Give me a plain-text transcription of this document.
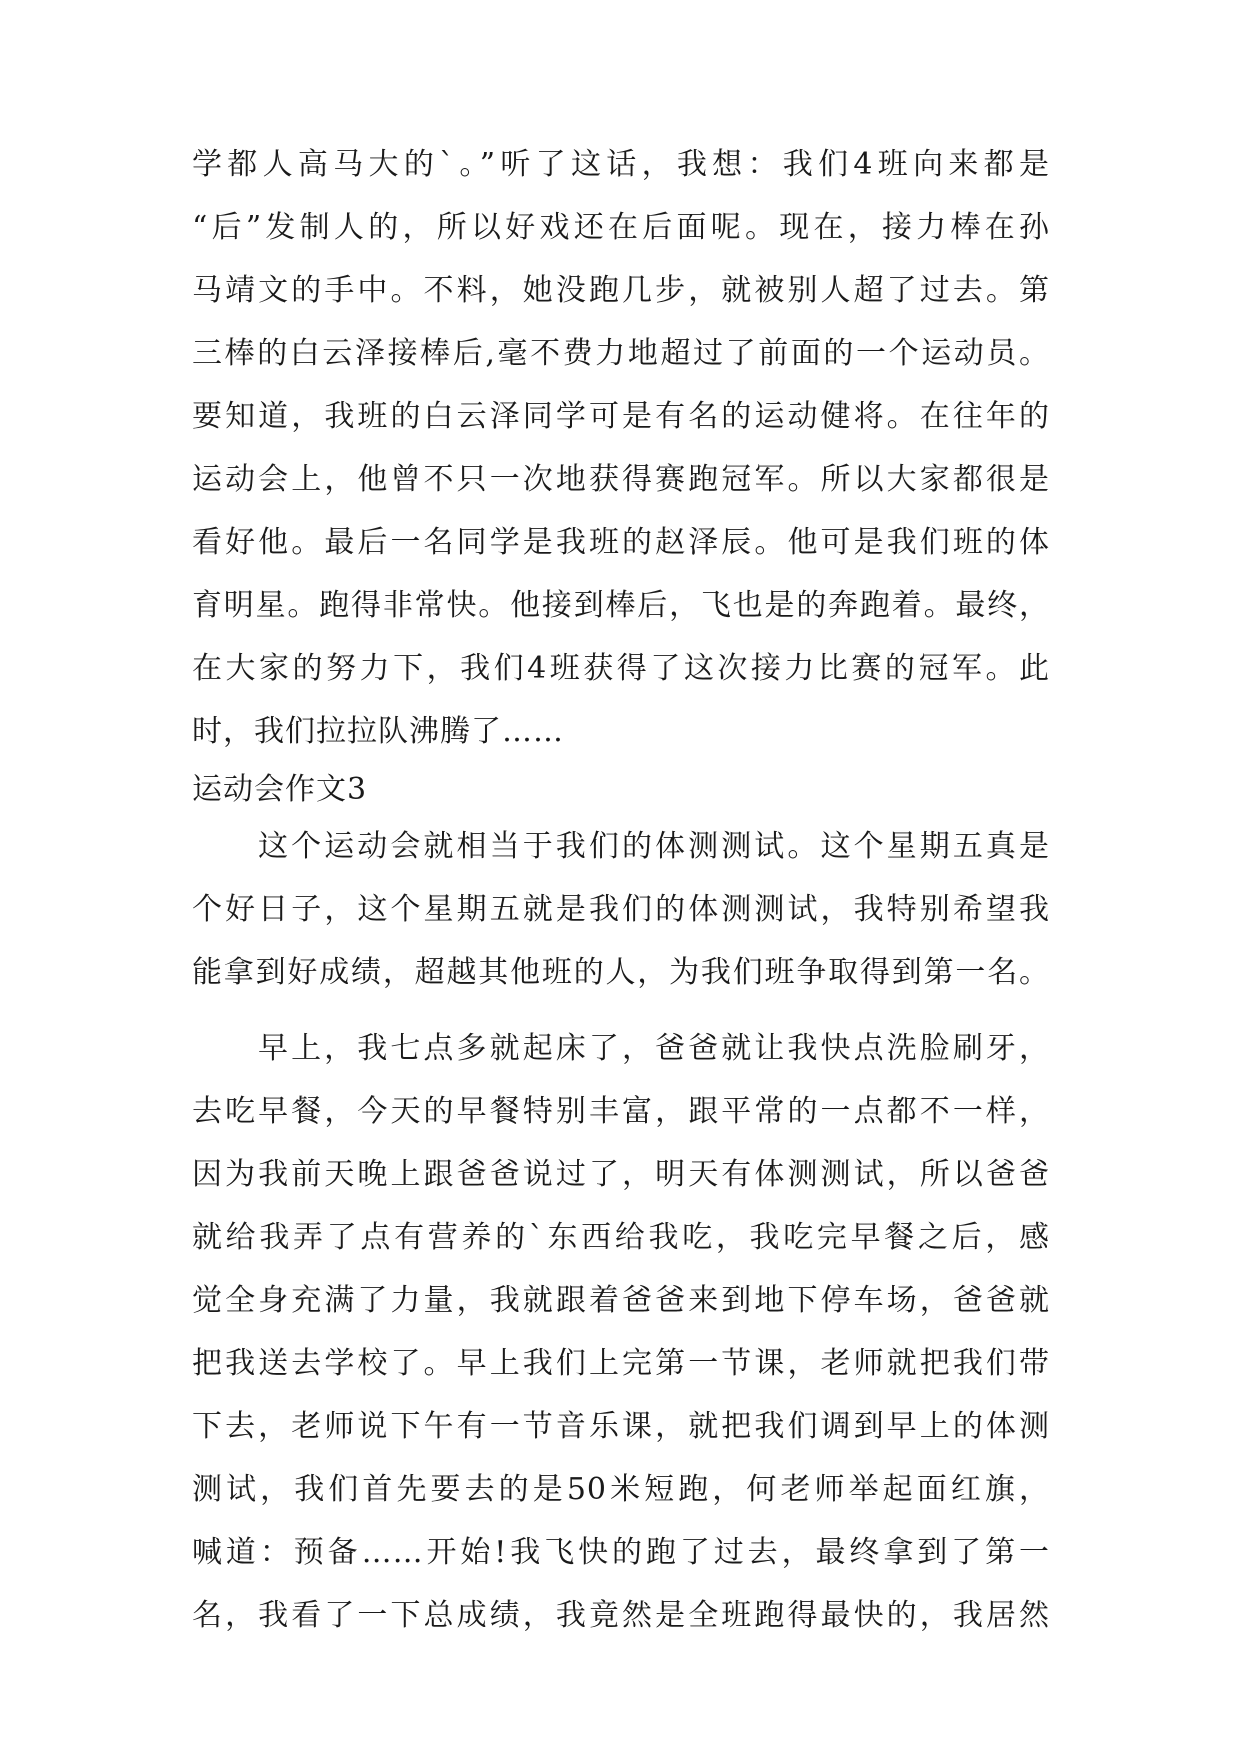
学都人高马大的`。”听了这话，我想：我们4班向来都是
“后”发制人的，所以好戏还在后面呢。现在，接力棒在孙
马靖文的手中。不料，她没跑几步，就被别人超了过去。第
三棒的白云泽接棒后,毫不费力地超过了前面的一个运动员。
要知道，我班的白云泽同学可是有名的运动健将。在往年的
运动会上，他曾不只一次地获得赛跑冠军。所以大家都很是
看好他。最后一名同学是我班的赵泽辰。他可是我们班的体
育明星。跑得非常快。他接到棒后，飞也是的奔跑着。最终，
在大家的努力下，我们4班获得了这次接力比赛的冠军。此
时，我们拉拉队沸腾了……
运动会作文3
这个运动会就相当于我们的体测测试。这个星期五真是
个好日子，这个星期五就是我们的体测测试，我特别希望我
能拿到好成绩，超越其他班的人，为我们班争取得到第一名。
早上，我七点多就起床了，爸爸就让我快点洗脸刷牙，
去吃早餐，今天的早餐特别丰富，跟平常的一点都不一样，
因为我前天晚上跟爸爸说过了，明天有体测测试，所以爸爸
就给我弄了点有营养的`东西给我吃，我吃完早餐之后，感
觉全身充满了力量，我就跟着爸爸来到地下停车场，爸爸就
把我送去学校了。早上我们上完第一节课，老师就把我们带
下去，老师说下午有一节音乐课，就把我们调到早上的体测
测试，我们首先要去的是50米短跑，何老师举起面红旗，
喊道：预备……开始!我飞快的跑了过去，最终拿到了第一
名，我看了一下总成绩，我竟然是全班跑得最快的，我居然
